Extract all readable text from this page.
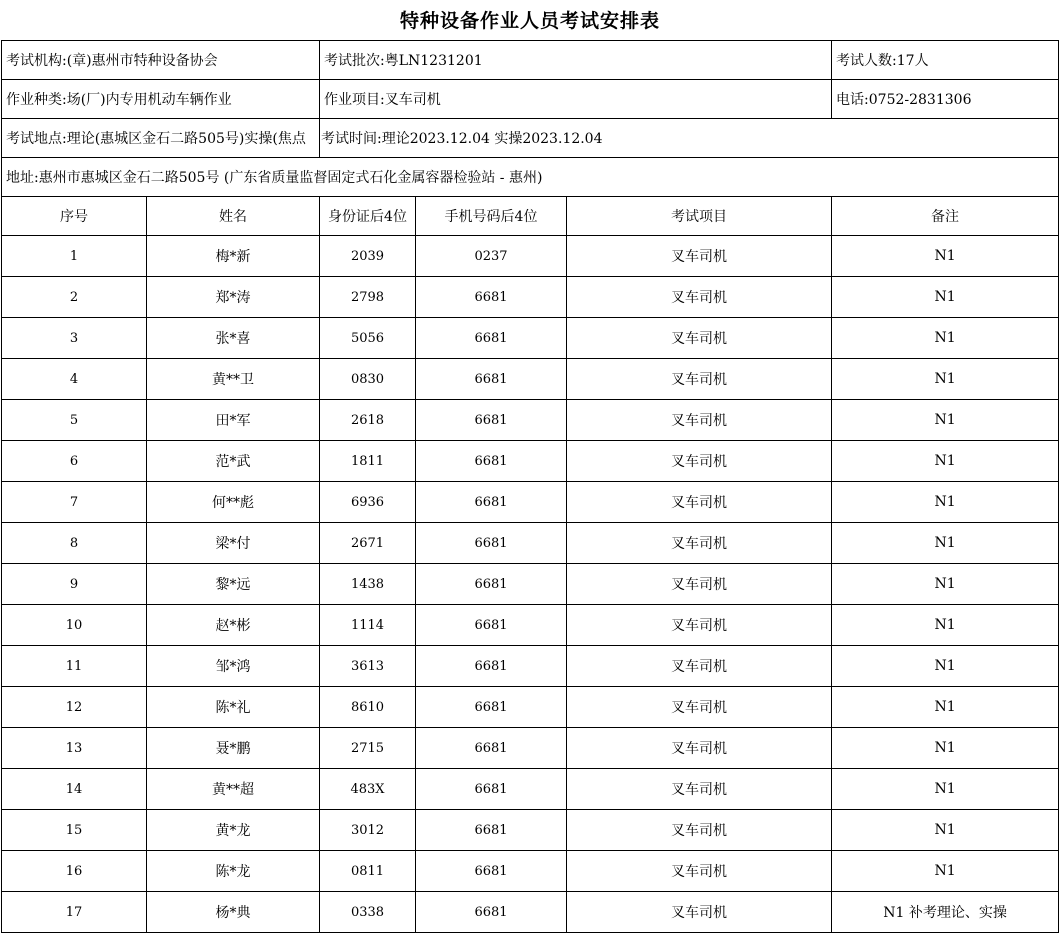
特种设备作业人员考试安排表
考试机构:(章)惠州市特种设备协会		考试批次:粤LN1231201			考试人数:17人
作业种类:场(厂)内专用机动车辆作业		作业项目:叉车司机			电话:0752-2831306
考试地点:理论(惠城区金石二路505号)实操(焦点		考试时间:理论2023.12.04 实操2023.12.04			
地址:惠州市惠城区金石二路505号 (广东省质量监督固定式石化金属容器检验站 - 惠州)					
序号	姓名	身份证后4位	手机号码后4位	考试项目	备注
1	梅*新	2039	0237	叉车司机	N1
2	郑*涛	2798	6681	叉车司机	N1
3	张*喜	5056	6681	叉车司机	N1
4	黄**卫	0830	6681	叉车司机	N1
5	田*军	2618	6681	叉车司机	N1
6	范*武	1811	6681	叉车司机	N1
7	何**彪	6936	6681	叉车司机	N1
8	梁*付	2671	6681	叉车司机	N1
9	黎*远	1438	6681	叉车司机	N1
10	赵*彬	1114	6681	叉车司机	N1
11	邹*鸿	3613	6681	叉车司机	N1
12	陈*礼	8610	6681	叉车司机	N1
13	聂*鹏	2715	6681	叉车司机	N1
14	黄**超	483X	6681	叉车司机	N1
15	黄*龙	3012	6681	叉车司机	N1
16	陈*龙	0811	6681	叉车司机	N1
17	杨*典	0338	6681	叉车司机	N1 补考理论、实操
